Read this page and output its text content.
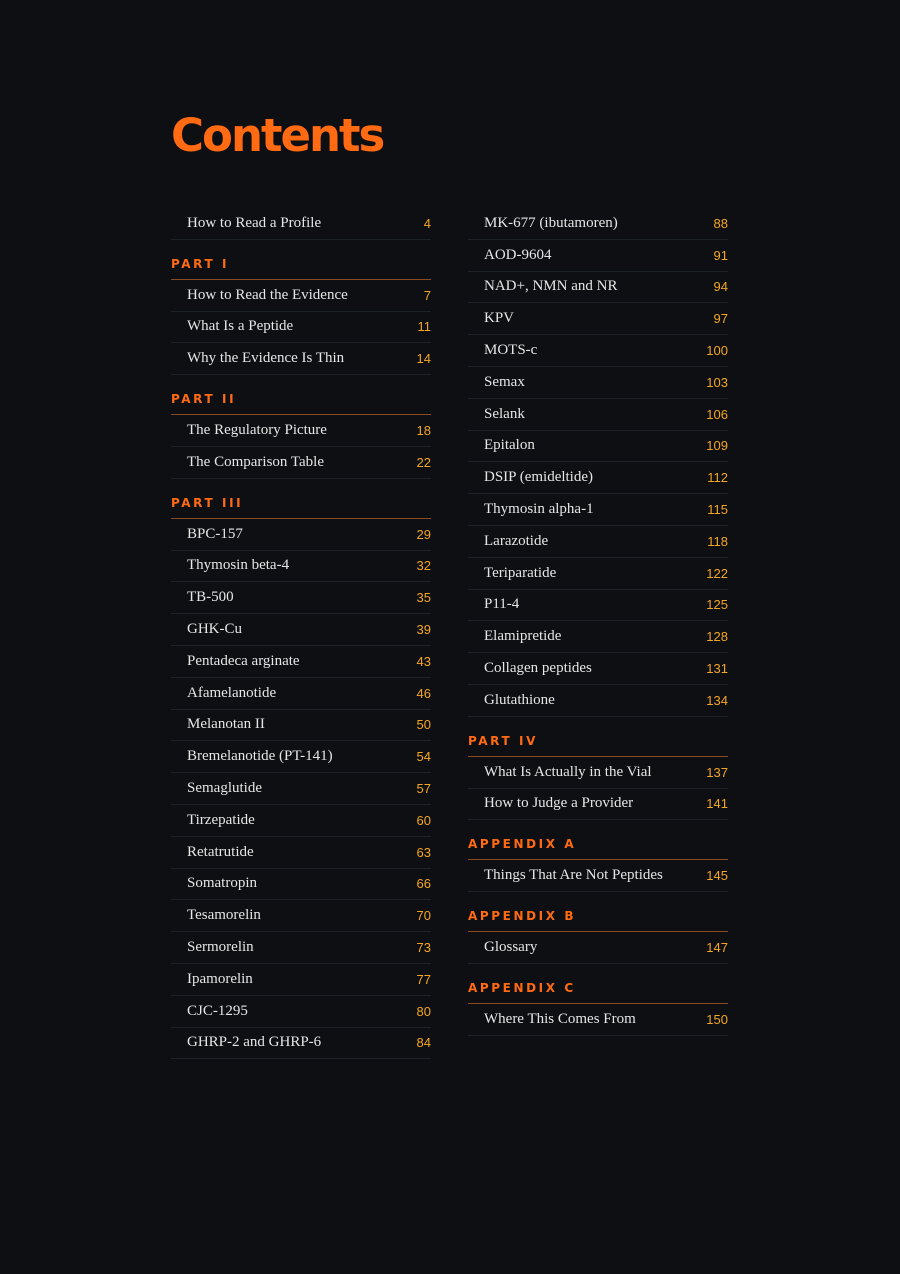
Contents
How to Read a Profile	4
PART I
How to Read the Evidence	7
What Is a Peptide	11
Why the Evidence Is Thin	14
PART II
The Regulatory Picture	18
The Comparison Table	22
PART III
BPC-157	29
Thymosin beta-4	32
TB-500	35
GHK-Cu	39
Pentadeca arginate	43
Afamelanotide	46
Melanotan II	50
Bremelanotide (PT-141)	54
Semaglutide	57
Tirzepatide	60
Retatrutide	63
Somatropin	66
Tesamorelin	70
Sermorelin	73
Ipamorelin	77
CJC-1295	80
GHRP-2 and GHRP-6	84
MK-677 (ibutamoren)	88
AOD-9604	91
NAD+, NMN and NR	94
KPV	97
MOTS-c	100
Semax	103
Selank	106
Epitalon	109
DSIP (emideltide)	112
Thymosin alpha-1	115
Larazotide	118
Teriparatide	122
P11-4	125
Elamipretide	128
Collagen peptides	131
Glutathione	134
PART IV
What Is Actually in the Vial	137
How to Judge a Provider	141
APPENDIX A
Things That Are Not Peptides	145
APPENDIX B
Glossary	147
APPENDIX C
Where This Comes From	150
